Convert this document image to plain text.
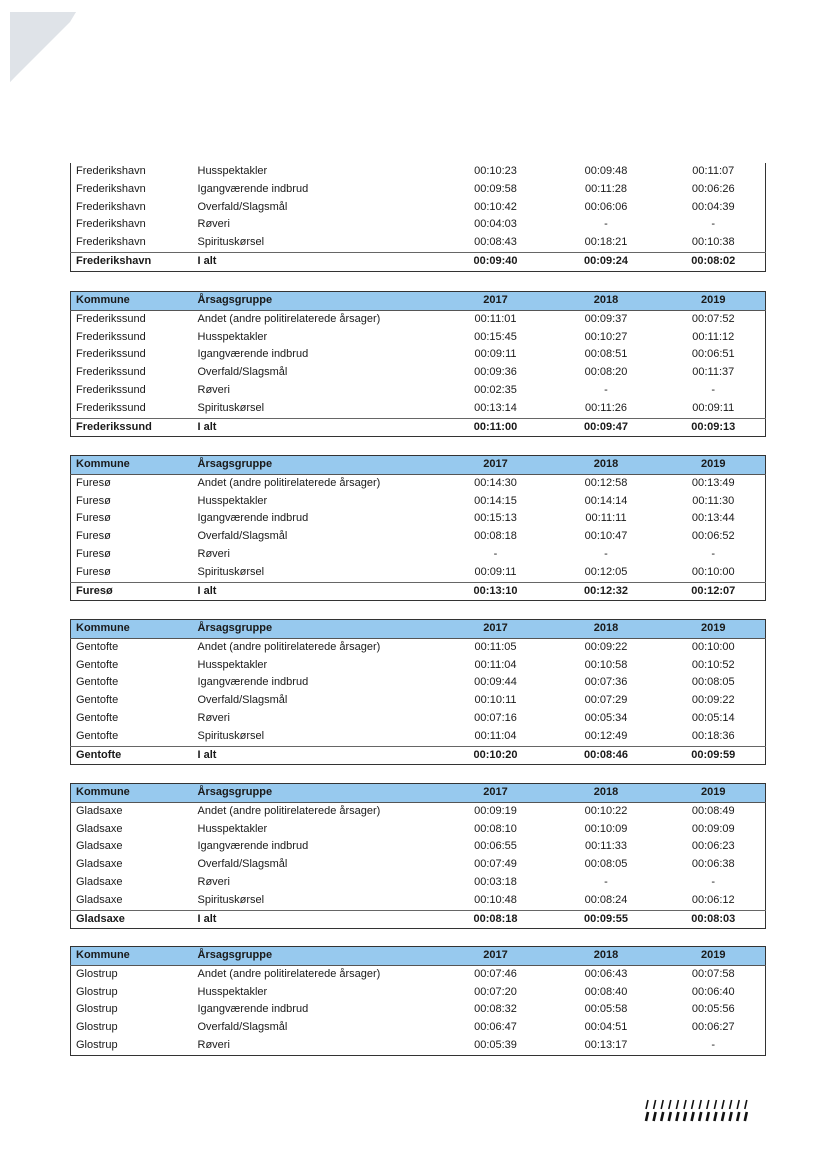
Frederikshavn	Husspektakler	00:10:23	00:09:48	00:11:07
Frederikshavn	Igangværende indbrud	00:09:58	00:11:28	00:06:26
Frederikshavn	Overfald/Slagsmål	00:10:42	00:06:06	00:04:39
Frederikshavn	Røveri	00:04:03	-	-
Frederikshavn	Spirituskørsel	00:08:43	00:18:21	00:10:38
Frederikshavn	I alt	00:09:40	00:09:24	00:08:02
Kommune	Årsagsgruppe	2017	2018	2019
Frederikssund	Andet (andre politirelaterede årsager)	00:11:01	00:09:37	00:07:52
Frederikssund	Husspektakler	00:15:45	00:10:27	00:11:12
Frederikssund	Igangværende indbrud	00:09:11	00:08:51	00:06:51
Frederikssund	Overfald/Slagsmål	00:09:36	00:08:20	00:11:37
Frederikssund	Røveri	00:02:35	-	-
Frederikssund	Spirituskørsel	00:13:14	00:11:26	00:09:11
Frederikssund	I alt	00:11:00	00:09:47	00:09:13
Kommune	Årsagsgruppe	2017	2018	2019
Furesø	Andet (andre politirelaterede årsager)	00:14:30	00:12:58	00:13:49
Furesø	Husspektakler	00:14:15	00:14:14	00:11:30
Furesø	Igangværende indbrud	00:15:13	00:11:11	00:13:44
Furesø	Overfald/Slagsmål	00:08:18	00:10:47	00:06:52
Furesø	Røveri	-	-	-
Furesø	Spirituskørsel	00:09:11	00:12:05	00:10:00
Furesø	I alt	00:13:10	00:12:32	00:12:07
Kommune	Årsagsgruppe	2017	2018	2019
Gentofte	Andet (andre politirelaterede årsager)	00:11:05	00:09:22	00:10:00
Gentofte	Husspektakler	00:11:04	00:10:58	00:10:52
Gentofte	Igangværende indbrud	00:09:44	00:07:36	00:08:05
Gentofte	Overfald/Slagsmål	00:10:11	00:07:29	00:09:22
Gentofte	Røveri	00:07:16	00:05:34	00:05:14
Gentofte	Spirituskørsel	00:11:04	00:12:49	00:18:36
Gentofte	I alt	00:10:20	00:08:46	00:09:59
Kommune	Årsagsgruppe	2017	2018	2019
Gladsaxe	Andet (andre politirelaterede årsager)	00:09:19	00:10:22	00:08:49
Gladsaxe	Husspektakler	00:08:10	00:10:09	00:09:09
Gladsaxe	Igangværende indbrud	00:06:55	00:11:33	00:06:23
Gladsaxe	Overfald/Slagsmål	00:07:49	00:08:05	00:06:38
Gladsaxe	Røveri	00:03:18	-	-
Gladsaxe	Spirituskørsel	00:10:48	00:08:24	00:06:12
Gladsaxe	I alt	00:08:18	00:09:55	00:08:03
Kommune	Årsagsgruppe	2017	2018	2019
Glostrup	Andet (andre politirelaterede årsager)	00:07:46	00:06:43	00:07:58
Glostrup	Husspektakler	00:07:20	00:08:40	00:06:40
Glostrup	Igangværende indbrud	00:08:32	00:05:58	00:05:56
Glostrup	Overfald/Slagsmål	00:06:47	00:04:51	00:06:27
Glostrup	Røveri	00:05:39	00:13:17	-
